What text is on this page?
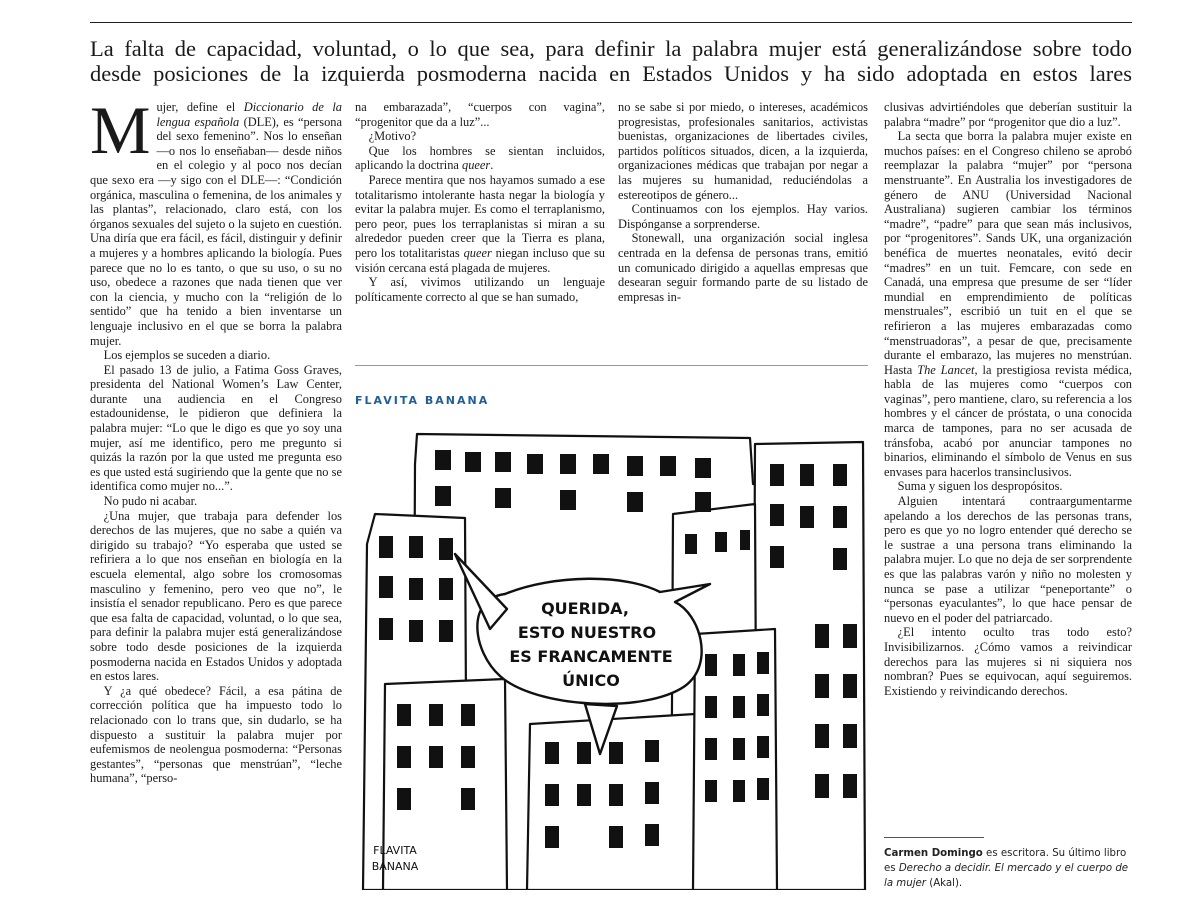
La falta de capacidad, voluntad, o lo que sea, para definir la palabra mujer está generalizándose sobre todo
desde posiciones de la izquierda posmoderna nacida en Estados Unidos y ha sido adoptada en estos lares

Mujer, define el Diccionario de la lengua española (DLE), es “persona del sexo femenino”. Nos lo enseñan —o nos lo enseñaban— desde niños en el colegio y al poco nos decían que sexo era —y sigo con el DLE—: “Condición orgánica, masculina o femenina, de los animales y las plantas”, relacionado, claro está, con los órganos sexuales del sujeto o la sujeto en cuestión. Una diría que era fácil, es fácil, distinguir y definir a mujeres y a hombres aplicando la biología. Pues parece que no lo es tanto, o que su uso, o su no uso, obedece a razones que nada tienen que ver con la ciencia, y mucho con la “religión de lo sentido” que ha tenido a bien inventarse un lenguaje inclusivo en el que se borra la palabra mujer.

Los ejemplos se suceden a diario.

El pasado 13 de julio, a Fatima Goss Graves, presidenta del National Women’s Law Center, durante una audiencia en el Congreso estadounidense, le pidieron que definiera la palabra mujer: “Lo que le digo es que yo soy una mujer, así me identifico, pero me pregunto si quizás la razón por la que usted me pregunta eso es que usted está sugiriendo que la gente que no se identifica como mujer no...”.

No pudo ni acabar.

¿Una mujer, que trabaja para defender los derechos de las mujeres, que no sabe a quién va dirigido su trabajo? “Yo esperaba que usted se refiriera a lo que nos enseñan en biología en la escuela elemental, algo sobre los cromosomas masculino y femenino, pero veo que no”, le insistía el senador republicano. Pero es que parece que esa falta de capacidad, voluntad, o lo que sea, para definir la palabra mujer está generalizándose sobre todo desde posiciones de la izquierda posmoderna nacida en Estados Unidos y adoptada en estos lares.

Y ¿a qué obedece? Fácil, a esa pátina de corrección política que ha impuesto todo lo relacionado con lo trans que, sin dudarlo, se ha dispuesto a sustituir la palabra mujer por eufemismos de neolengua posmoderna: “Personas gestantes”, “personas que menstrúan”, “leche humana”, “perso-

na embarazada”, “cuerpos con vagina”, “progenitor que da a luz”...

¿Motivo?

Que los hombres se sientan incluidos, aplicando la doctrina queer.

Parece mentira que nos hayamos sumado a ese totalitarismo intolerante hasta negar la biología y evitar la palabra mujer. Es como el terraplanismo, pero peor, pues los terraplanistas si miran a su alrededor pueden creer que la Tierra es plana, pero los totalitaristas queer niegan incluso que su visión cercana está plagada de mujeres.

Y así, vivimos utilizando un lenguaje políticamente correcto al que se han sumado,

no se sabe si por miedo, o intereses, académicos progresistas, profesionales sanitarios, activistas buenistas, organizaciones de libertades civiles, partidos políticos situados, dicen, a la izquierda, organizaciones médicas que trabajan por negar a las mujeres su humanidad, reduciéndolas a estereotipos de género...

Continuamos con los ejemplos. Hay varios. Dispónganse a sorprenderse.

Stonewall, una organización social inglesa centrada en la defensa de personas trans, emitió un comunicado dirigido a aquellas empresas que desearan seguir formando parte de su listado de empresas in-

clusivas advirtiéndoles que deberían sustituir la palabra “madre” por “progenitor que dio a luz”.

La secta que borra la palabra mujer existe en muchos países: en el Congreso chileno se aprobó reemplazar la palabra “mujer” por “persona menstruante”. En Australia los investigadores de género de ANU (Universidad Nacional Australiana) sugieren cambiar los términos “madre”, “padre” para que sean más inclusivos, por “progenitores”. Sands UK, una organización benéfica de muertes neonatales, evitó decir “madres” en un tuit. Femcare, con sede en Canadá, una empresa que presume de ser “líder mundial en emprendimiento de políticas menstruales”, escribió un tuit en el que se refirieron a las mujeres embarazadas como “menstruadoras”, a pesar de que, precisamente durante el embarazo, las mujeres no menstrúan. Hasta The Lancet, la prestigiosa revista médica, habla de las mujeres como “cuerpos con vaginas”, pero mantiene, claro, su referencia a los hombres y el cáncer de próstata, o una conocida marca de tampones, para no ser acusada de tránsfoba, acabó por anunciar tampones no binarios, eliminando el símbolo de Venus en sus envases para hacerlos transinclusivos.

Suma y siguen los despropósitos.

Alguien intentará contraargumentarme apelando a los derechos de las personas trans, pero es que yo no logro entender qué derecho se le sustrae a una persona trans eliminando la palabra mujer. Lo que no deja de ser sorprendente es que las palabras varón y niño no molesten y nunca se pase a utilizar “peneportante” o “personas eyaculantes”, lo que hace pensar de nuevo en el poder del patriarcado.

¿El intento oculto tras todo esto? Invisibilizarnos. ¿Cómo vamos a reivindicar derechos para las mujeres si ni siquiera nos nombran? Pues se equivocan, aquí seguiremos. Existiendo y reivindicando derechos.

FLAVITA BANANA
QUERIDA,
ESTO NUESTRO
ES FRANCAMENTE
ÚNICO
FLAVITA
BANANA
Carmen Domingo es escritora. Su último libro es Derecho a decidir. El mercado y el cuerpo de la mujer (Akal).
